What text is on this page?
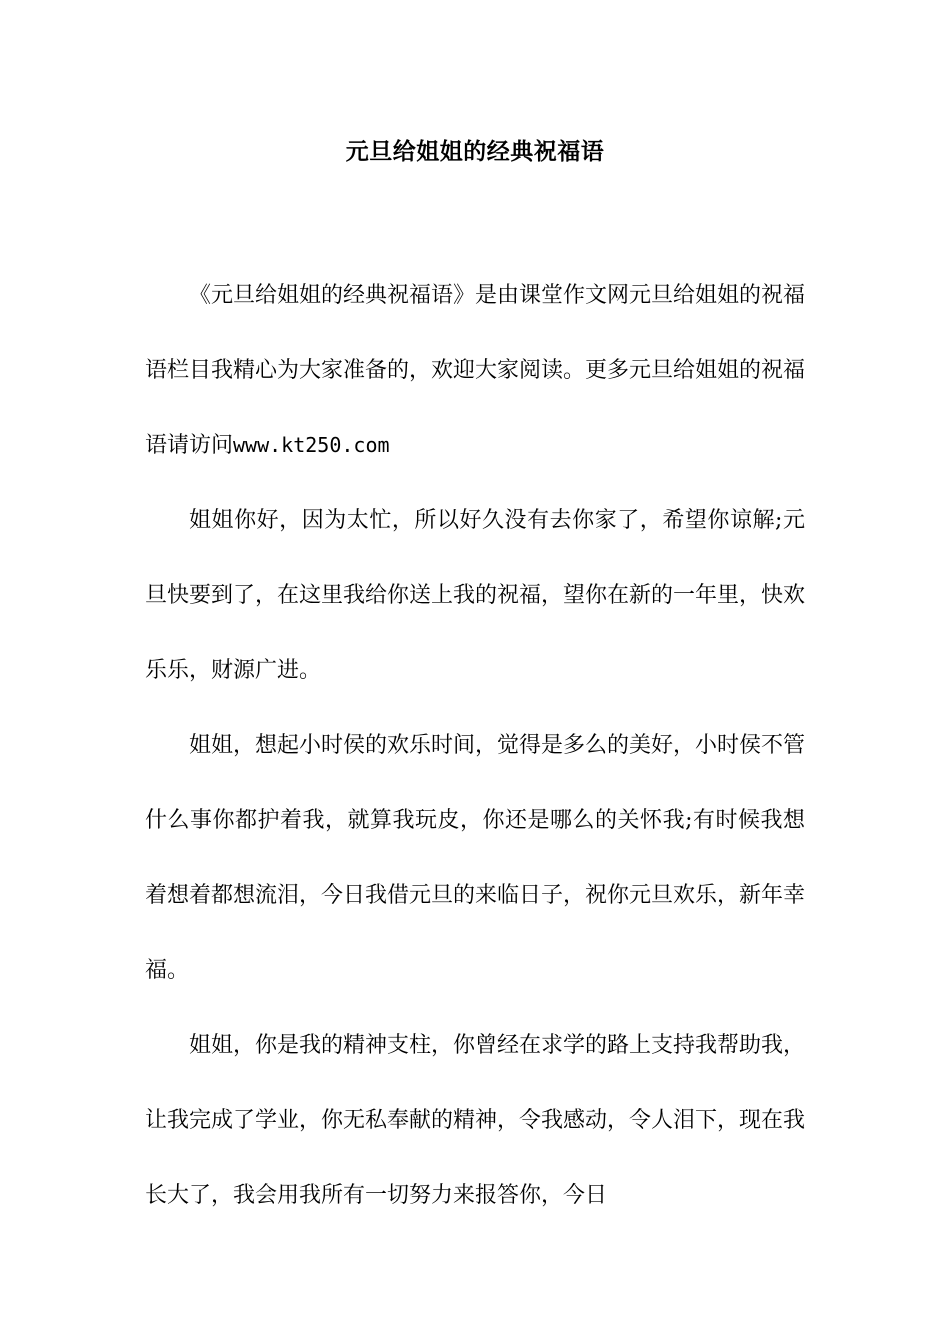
元旦给姐姐的经典祝福语

《元旦给姐姐的经典祝福语》是由课堂作文网元旦给姐姐的祝福语栏目我精心为大家准备的，欢迎大家阅读。更多元旦给姐姐的祝福语请访问www.kt250.com

姐姐你好，因为太忙，所以好久没有去你家了，希望你谅解;元旦快要到了，在这里我给你送上我的祝福，望你在新的一年里，快欢乐乐，财源广进。

姐姐，想起小时侯的欢乐时间，觉得是多么的美好，小时侯不管什么事你都护着我，就算我玩皮，你还是哪么的关怀我;有时候我想着想着都想流泪，今日我借元旦的来临日子，祝你元旦欢乐，新年幸福。

姐姐，你是我的精神支柱，你曾经在求学的路上支持我帮助我，让我完成了学业，你无私奉献的精神，令我感动，令人泪下，现在我长大了，我会用我所有一切努力来报答你，今日
